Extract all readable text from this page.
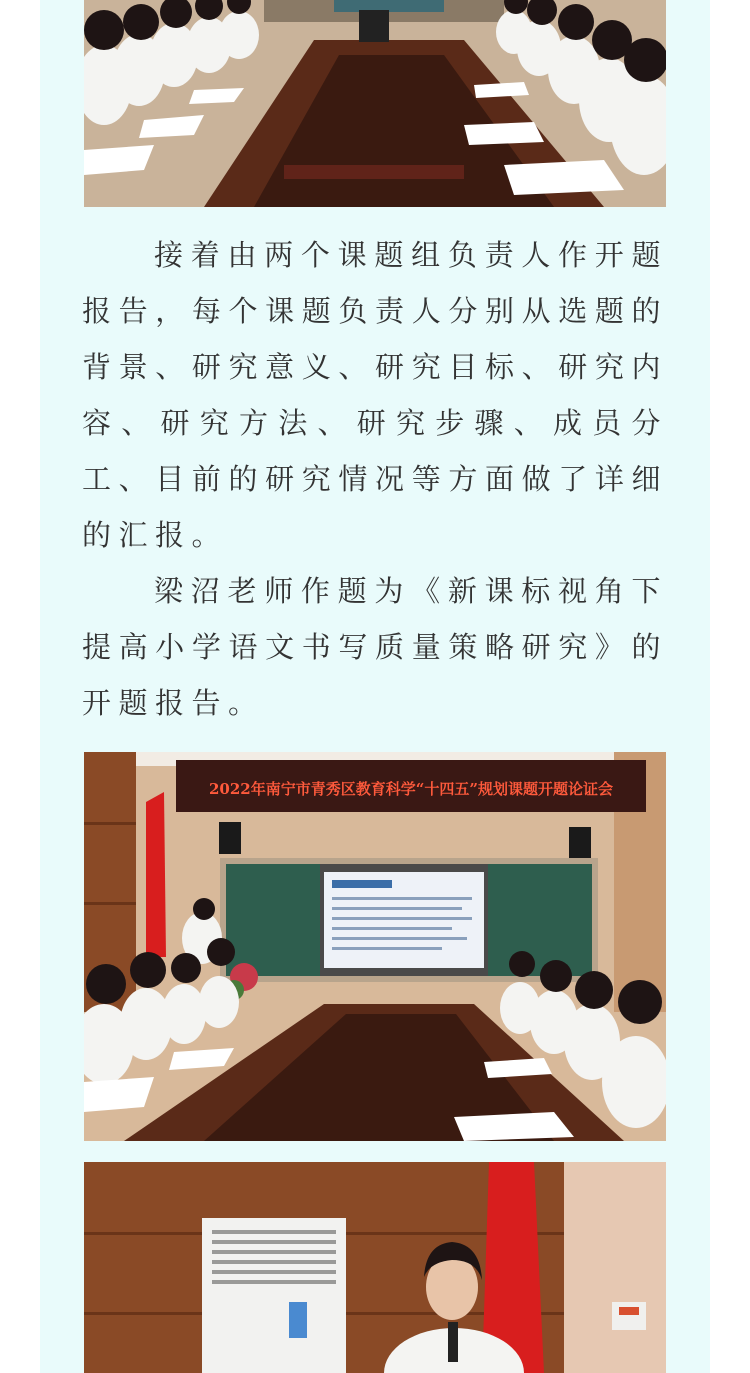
接着由两个课题组负责人作开题报告，每个课题负责人分别从选题的背景、研究意义、研究目标、研究内容、研究方法、研究步骤、成员分工、目前的研究情况等方面做了详细的汇报。

梁沼老师作题为《新课标视角下提高小学语文书写质量策略研究》的开题报告。

2022年南宁市青秀区教育科学“十四五”规划课题开题论证会
